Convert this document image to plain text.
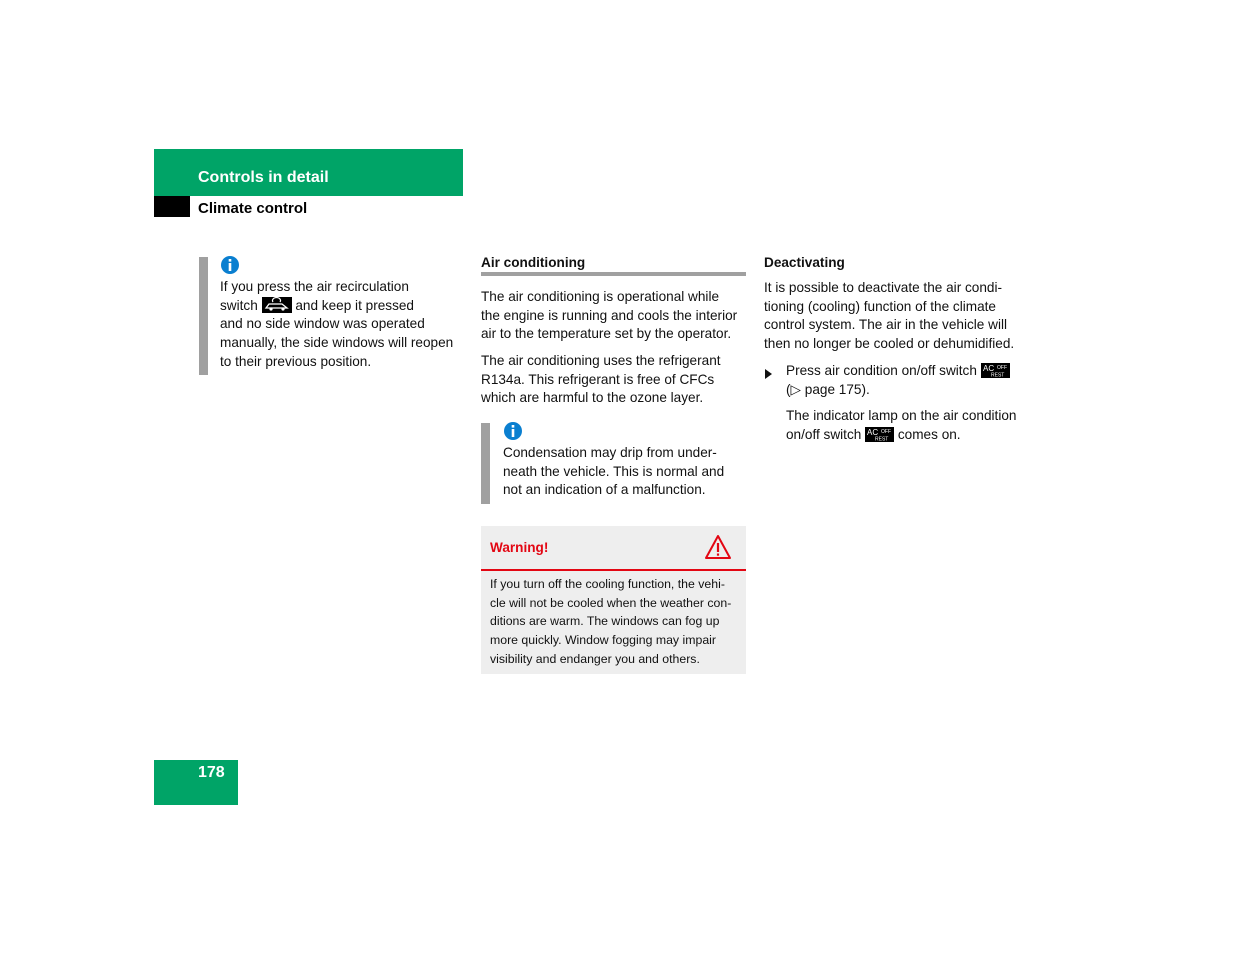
Controls in detail
Climate control

If you press the air recirculation

switch	and keep it pressed

and no side window was operated

manually, the side windows will reopen

to their previous position.

Air conditioning

The air conditioning is operational while

the engine is running and cools the interior

air to the temperature set by the operator.

The air conditioning uses the refrigerant

R134a. This refrigerant is free of CFCs

which are harmful to the ozone layer.

Condensation may drip from under-

neath the vehicle. This is normal and

not an indication of a malfunction.

Warning!
If you turn off the cooling function, the vehi-
cle will not be cooled when the weather con-
ditions are warm. The windows can fog up
more quickly. Window fogging may impair
visibility and endanger you and others.
Deactivating

It is possible to deactivate the air condi-

tioning (cooling) function of the climate

control system. The air in the vehicle will

then no longer be cooled or dehumidified.

Press air condition on/off switch AC OFF
REST

(▷ page 175).

The indicator lamp on the air condition

on/off switch AC OFF
REST comes on.

178
